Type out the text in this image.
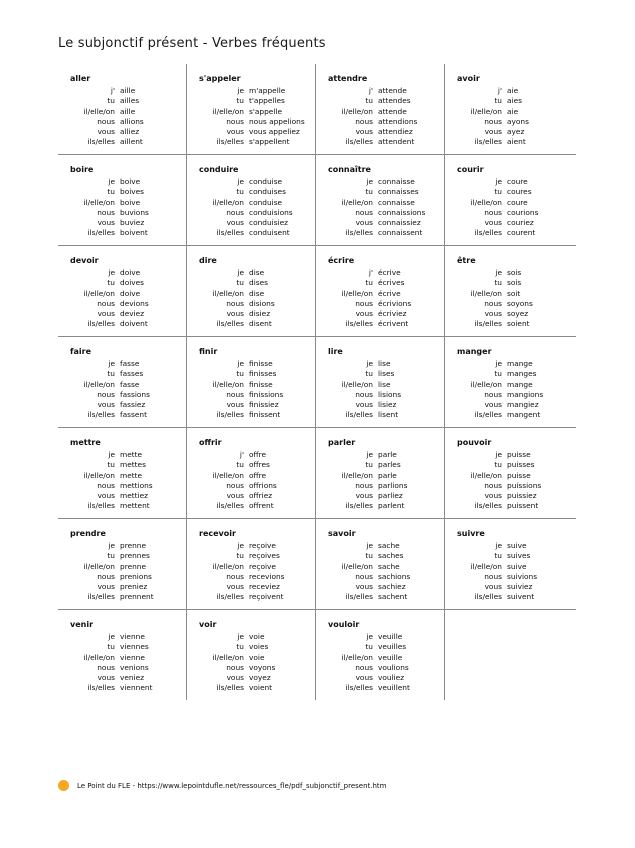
Le subjonctif présent - Verbes fréquents
aller
j' aille
tu ailles
il/elle/on aille
nous allions
vous alliez
ils/elles aillent
s'appeler
je m'appelle
tu t'appelles
il/elle/on s'appelle
nous nous appelions
vous vous appeliez
ils/elles s'appellent
attendre
j' attende
tu attendes
il/elle/on attende
nous attendions
vous attendiez
ils/elles attendent
avoir
j' aie
tu aies
il/elle/on aie
nous ayons
vous ayez
ils/elles aient
boire
je boive
tu boives
il/elle/on boive
nous buvions
vous buviez
ils/elles boivent
conduire
je conduise
tu conduises
il/elle/on conduise
nous conduisions
vous conduisiez
ils/elles conduisent
connaître
je connaisse
tu connaisses
il/elle/on connaisse
nous connaissions
vous connaissiez
ils/elles connaissent
courir
je coure
tu coures
il/elle/on coure
nous courions
vous couriez
ils/elles courent
devoir
je doive
tu doives
il/elle/on doive
nous devions
vous deviez
ils/elles doivent
dire
je dise
tu dises
il/elle/on dise
nous disions
vous disiez
ils/elles disent
écrire
j' écrive
tu écrives
il/elle/on écrive
nous écrivions
vous écriviez
ils/elles écrivent
être
je sois
tu sois
il/elle/on soit
nous soyons
vous soyez
ils/elles soient
faire
je fasse
tu fasses
il/elle/on fasse
nous fassions
vous fassiez
ils/elles fassent
finir
je finisse
tu finisses
il/elle/on finisse
nous finissions
vous finissiez
ils/elles finissent
lire
je lise
tu lises
il/elle/on lise
nous lisions
vous lisiez
ils/elles lisent
manger
je mange
tu manges
il/elle/on mange
nous mangions
vous mangiez
ils/elles mangent
mettre
je mette
tu mettes
il/elle/on mette
nous mettions
vous mettiez
ils/elles mettent
offrir
j' offre
tu offres
il/elle/on offre
nous offrions
vous offriez
ils/elles offrent
parler
je parle
tu parles
il/elle/on parle
nous parlions
vous parliez
ils/elles parlent
pouvoir
je puisse
tu puisses
il/elle/on puisse
nous puissions
vous puissiez
ils/elles puissent
prendre
je prenne
tu prennes
il/elle/on prenne
nous prenions
vous preniez
ils/elles prennent
recevoir
je reçoive
tu reçoives
il/elle/on reçoive
nous recevions
vous receviez
ils/elles reçoivent
savoir
je sache
tu saches
il/elle/on sache
nous sachions
vous sachiez
ils/elles sachent
suivre
je suive
tu suives
il/elle/on suive
nous suivions
vous suiviez
ils/elles suivent
venir
je vienne
tu viennes
il/elle/on vienne
nous venions
vous veniez
ils/elles viennent
voir
je voie
tu voies
il/elle/on voie
nous voyons
vous voyez
ils/elles voient
vouloir
je veuille
tu veuilles
il/elle/on veuille
nous voulions
vous vouliez
ils/elles veuillent
Le Point du FLE - https://www.lepointdufle.net/ressources_fle/pdf_subjonctif_present.htm
